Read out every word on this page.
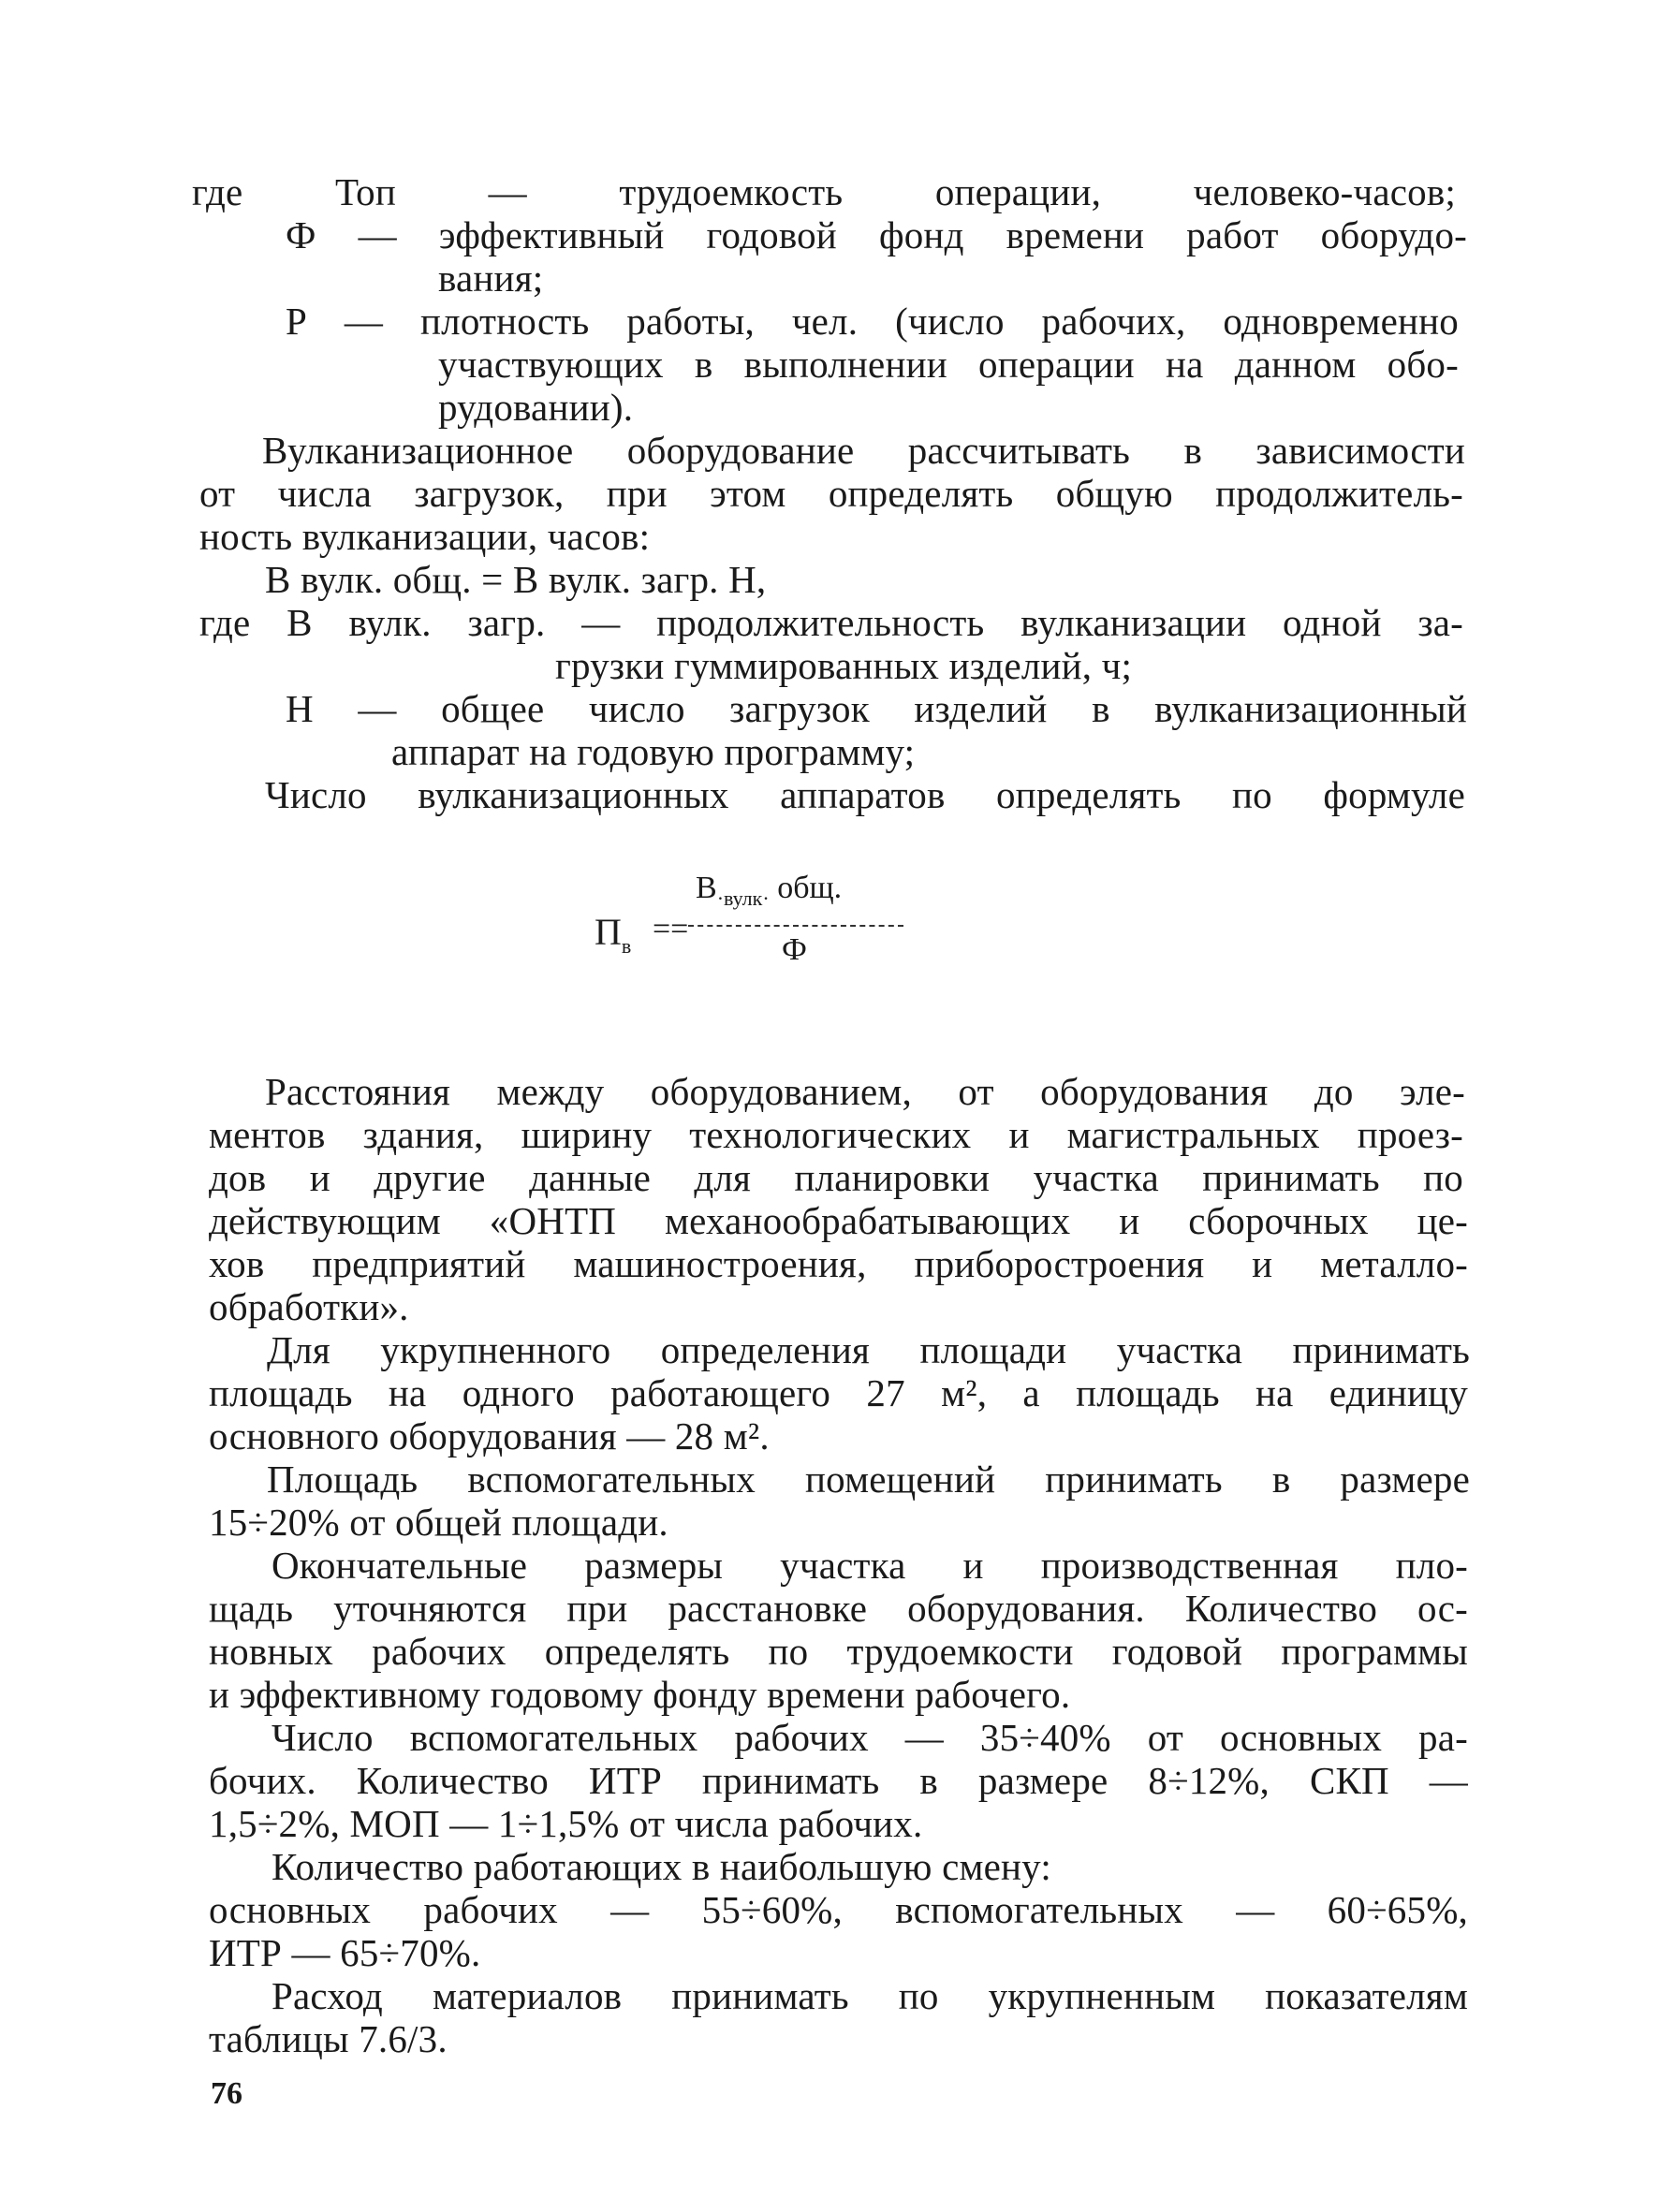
где Топ — трудоемкость операции, человеко-часов;
Ф — эффективный годовой фонд времени работ оборудо-
вания;
Р — плотность работы, чел. (число рабочих, одновременно
участвующих в выполнении операции на данном обо-
рудовании).
Вулканизационное оборудование рассчитывать в зависимости
от числа загрузок, при этом определять общую продолжитель-
ность вулканизации, часов:
В вулк. общ. = В вулк. загр. Н,
где В вулк. загр. — продолжительность вулканизации одной за-
грузки гуммированных изделий, ч;
Н — общее число загрузок изделий в вулканизационный
аппарат на годовую программу;
Число вулканизационных аппаратов определять по формуле
$П_в$ ==
$В_{\cdot вулк\cdot}$ общ.
Ф
Расстояния между оборудованием, от оборудования до эле-
ментов здания, ширину технологических и магистральных проез-
дов и другие данные для планировки участка принимать по
действующим «ОНТП механообрабатывающих и сборочных це-
хов предприятий машиностроения, приборостроения и металло-
обработки».
Для укрупненного определения площади участка принимать
площадь на одного работающего 27 м², а площадь на единицу
основного оборудования — 28 м².
Площадь вспомогательных помещений принимать в размере
15÷20% от общей площади.
Окончательные размеры участка и производственная пло-
щадь уточняются при расстановке оборудования. Количество ос-
новных рабочих определять по трудоемкости годовой программы
и эффективному годовому фонду времени рабочего.
Число вспомогательных рабочих — 35÷40% от основных ра-
бочих. Количество ИТР принимать в размере 8÷12%, СКП —
1,5÷2%, МОП — 1÷1,5% от числа рабочих.
Количество работающих в наибольшую смену:
основных рабочих — 55÷60%, вспомогательных — 60÷65%,
ИТР — 65÷70%.
Расход материалов принимать по укрупненным показателям
таблицы 7.6/3.
76
